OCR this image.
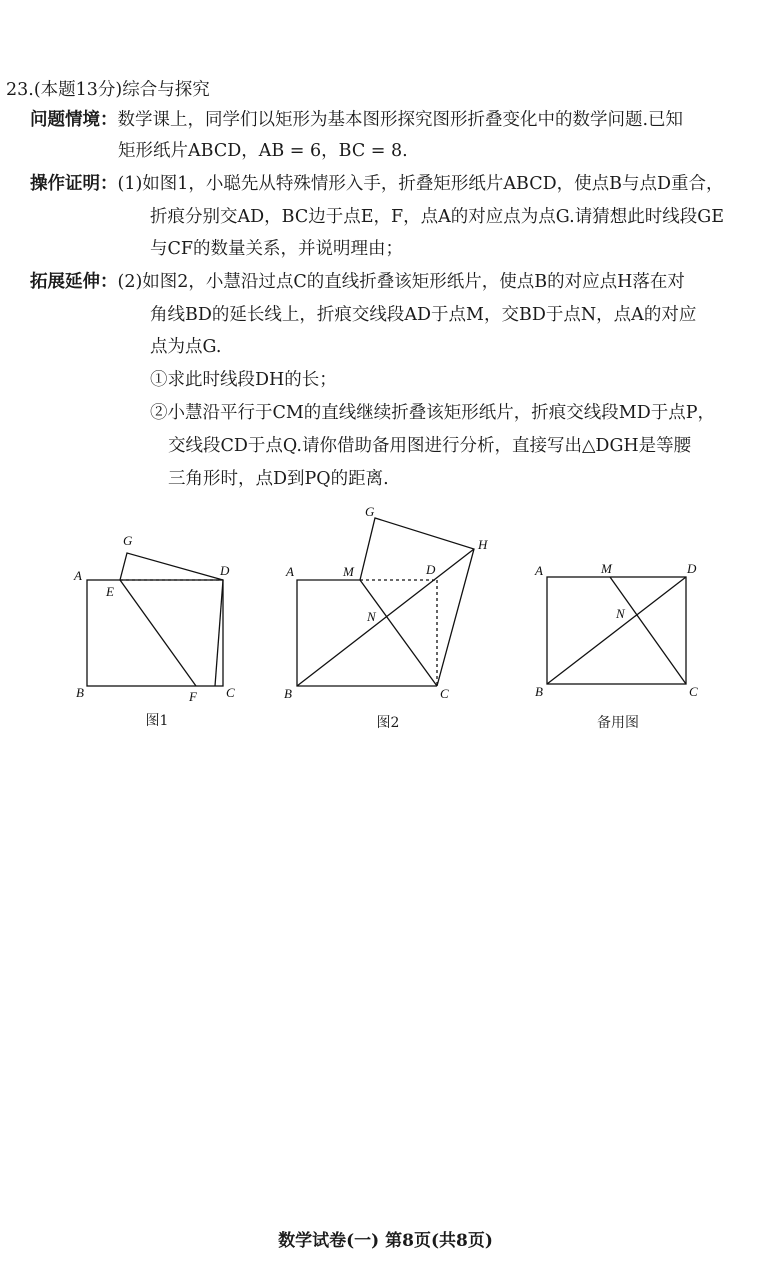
23.(本题13分)综合与探究
问题情境：数学课上，同学们以矩形为基本图形探究图形折叠变化中的数学问题.已知
矩形纸片ABCD，AB = 6，BC = 8.
操作证明：(1)如图1，小聪先从特殊情形入手，折叠矩形纸片ABCD，使点B与点D重合，
折痕分别交AD，BC边于点E，F，点A的对应点为点G.请猜想此时线段GE
与CF的数量关系，并说明理由；
拓展延伸：(2)如图2，小慧沿过点C的直线折叠该矩形纸片，使点B的对应点H落在对
角线BD的延长线上，折痕交线段AD于点M，交BD于点N，点A的对应
点为点G.
①求此时线段DH的长；
②小慧沿平行于CM的直线继续折叠该矩形纸片，折痕交线段MD于点P，
交线段CD于点Q.请你借助备用图进行分析，直接写出△DGH是等腰
三角形时，点D到PQ的距离.
A
B	C
D
E
F
G
图1
B
A
C
D
G
H
M
N
图2
A
B	C
D
M
N
备用图
数学试卷(一) 第8页(共8页)
